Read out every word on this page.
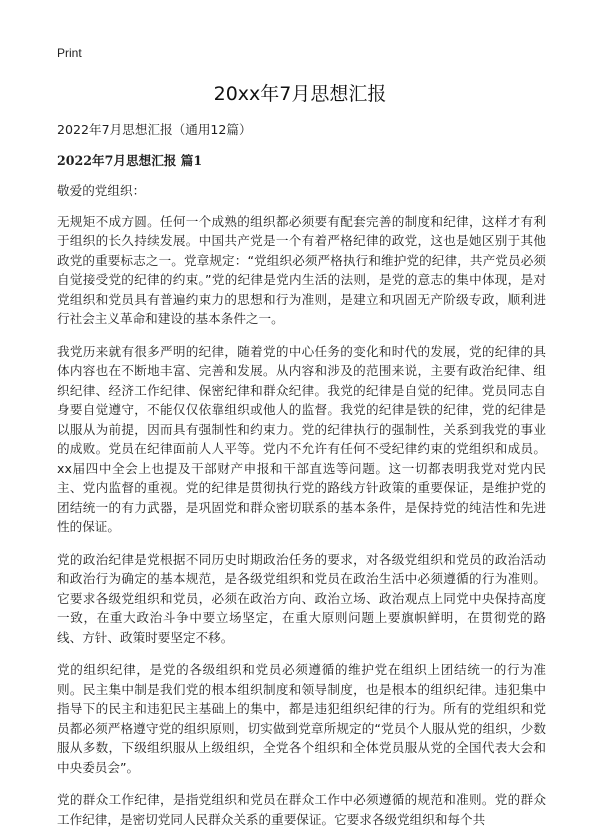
Print
20xx年7月思想汇报

2022年7月思想汇报（通用12篇）

2022年7月思想汇报 篇1

敬爱的党组织：

无规矩不成方圆。任何一个成熟的组织都必须要有配套完善的制度和纪律，这样才有利于组织的长久持续发展。中国共产党是一个有着严格纪律的政党，这也是她区别于其他政党的重要标志之一。党章规定：“党组织必须严格执行和维护党的纪律，共产党员必须自觉接受党的纪律的约束。”党的纪律是党内生活的法则，是党的意志的集中体现，是对党组织和党员具有普遍约束力的思想和行为准则，是建立和巩固无产阶级专政，顺利进行社会主义革命和建设的基本条件之一。

我党历来就有很多严明的纪律，随着党的中心任务的变化和时代的发展，党的纪律的具体内容也在不断地丰富、完善和发展。从内容和涉及的范围来说，主要有政治纪律、组织纪律、经济工作纪律、保密纪律和群众纪律。我党的纪律是自觉的纪律。党员同志自身要自觉遵守，不能仅仅依靠组织或他人的监督。我党的纪律是铁的纪律，党的纪律是以服从为前提，因而具有强制性和约束力。党的纪律执行的强制性，关系到我党的事业的成败。党员在纪律面前人人平等。党内不允许有任何不受纪律约束的党组织和成员。xx届四中全会上也提及干部财产申报和干部直选等问题。这一切都表明我党对党内民主、党内监督的重视。党的纪律是贯彻执行党的路线方针政策的重要保证，是维护党的团结统一的有力武器，是巩固党和群众密切联系的基本条件，是保持党的纯洁性和先进性的保证。

党的政治纪律是党根据不同历史时期政治任务的要求，对各级党组织和党员的政治活动和政治行为确定的基本规范，是各级党组织和党员在政治生活中必须遵循的行为准则。它要求各级党组织和党员，必须在政治方向、政治立场、政治观点上同党中央保持高度一致，在重大政治斗争中要立场坚定，在重大原则问题上要旗帜鲜明，在贯彻党的路线、方针、政策时要坚定不移。

党的组织纪律，是党的各级组织和党员必须遵循的维护党在组织上团结统一的行为准则。民主集中制是我们党的根本组织制度和领导制度，也是根本的组织纪律。违犯集中指导下的民主和违犯民主基础上的集中，都是违犯组织纪律的行为。所有的党组织和党员都必须严格遵守党的组织原则，切实做到党章所规定的“党员个人服从党的组织，少数服从多数，下级组织服从上级组织，全党各个组织和全体党员服从党的全国代表大会和中央委员会”。

党的群众工作纪律，是指党组织和党员在群众工作中必须遵循的规范和准则。党的群众工作纪律，是密切党同人民群众关系的重要保证。它要求各级党组织和每个共
